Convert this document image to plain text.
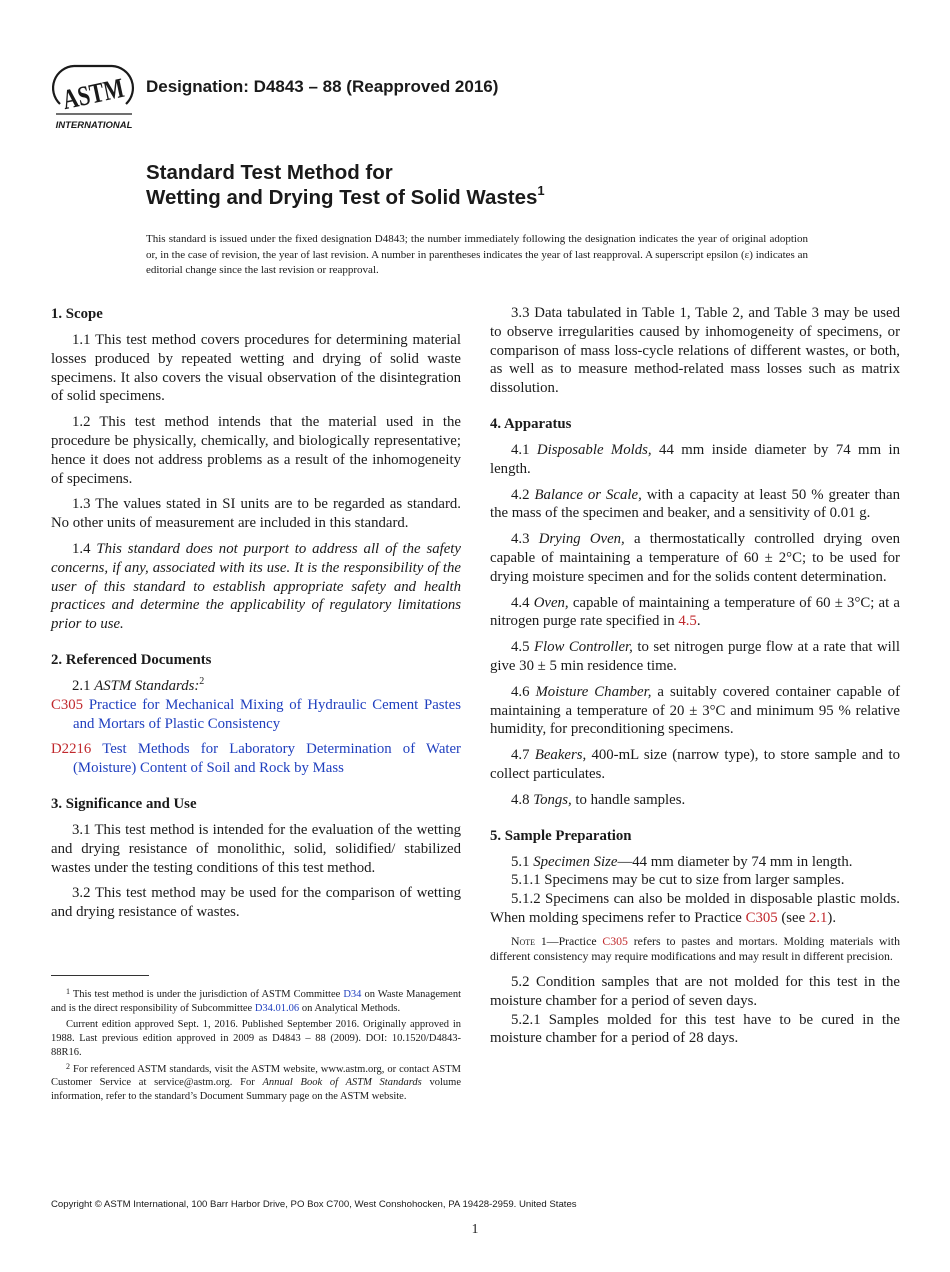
ASTM
INTERNATIONAL
Designation: D4843 – 88 (Reapproved 2016)
Standard Test Method for
Wetting and Drying Test of Solid Wastes$^1$
This standard is issued under the fixed designation D4843; the number immediately following the designation indicates the year of original adoption or, in the case of revision, the year of last revision. A number in parentheses indicates the year of last reapproval. A superscript epsilon (ε) indicates an editorial change since the last revision or reapproval.
1. Scope

1.1 This test method covers procedures for determining material losses produced by repeated wetting and drying of solid waste specimens. It also covers the visual observation of the disintegration of solid specimens.

1.2 This test method intends that the material used in the procedure be physically, chemically, and biologically representative; hence it does not address problems as a result of the inhomogeneity of specimens.

1.3 The values stated in SI units are to be regarded as standard. No other units of measurement are included in this standard.

1.4 This standard does not purport to address all of the safety concerns, if any, associated with its use. It is the responsibility of the user of this standard to establish appropriate safety and health practices and determine the applicability of regulatory limitations prior to use.

2. Referenced Documents

2.1 ASTM Standards:$^2$

C305 Practice for Mechanical Mixing of Hydraulic Cement Pastes and Mortars of Plastic Consistency

D2216 Test Methods for Laboratory Determination of Water (Moisture) Content of Soil and Rock by Mass

3. Significance and Use

3.1 This test method is intended for the evaluation of the wetting and drying resistance of monolithic, solid, solidified/ stabilized wastes under the testing conditions of this test method.

3.2 This test method may be used for the comparison of wetting and drying resistance of wastes.

3.3 Data tabulated in Table 1, Table 2, and Table 3 may be used to observe irregularities caused by inhomogeneity of specimens, or comparison of mass loss-cycle relations of different wastes, or both, as well as to measure method-related mass losses such as matrix dissolution.

4. Apparatus

4.1 Disposable Molds, 44 mm inside diameter by 74 mm in length.

4.2 Balance or Scale, with a capacity at least 50 % greater than the mass of the specimen and beaker, and a sensitivity of 0.01 g.

4.3 Drying Oven, a thermostatically controlled drying oven capable of maintaining a temperature of 60 ± 2°C; to be used for drying moisture specimen and for the solids content determination.

4.4 Oven, capable of maintaining a temperature of 60 ± 3°C; at a nitrogen purge rate specified in 4.5.

4.5 Flow Controller, to set nitrogen purge flow at a rate that will give 30 ± 5 min residence time.

4.6 Moisture Chamber, a suitably covered container capable of maintaining a temperature of 20 ± 3°C and minimum 95 % relative humidity, for preconditioning specimens.

4.7 Beakers, 400-mL size (narrow type), to store sample and to collect particulates.

4.8 Tongs, to handle samples.

5. Sample Preparation

5.1 Specimen Size—44 mm diameter by 74 mm in length.

5.1.1 Specimens may be cut to size from larger samples.

5.1.2 Specimens can also be molded in disposable plastic molds. When molding specimens refer to Practice C305 (see 2.1).

Note 1—Practice C305 refers to pastes and mortars. Molding materials with different consistency may require modifications and may result in different precision.

5.2 Condition samples that are not molded for this test in the moisture chamber for a period of seven days.

5.2.1 Samples molded for this test have to be cured in the moisture chamber for a period of 28 days.

$^1$ This test method is under the jurisdiction of ASTM Committee D34 on Waste Management and is the direct responsibility of Subcommittee D34.01.06 on Analytical Methods.

Current edition approved Sept. 1, 2016. Published September 2016. Originally approved in 1988. Last previous edition approved in 2009 as D4843 – 88 (2009). DOI: 10.1520/D4843-88R16.

$^2$ For referenced ASTM standards, visit the ASTM website, www.astm.org, or contact ASTM Customer Service at service@astm.org. For Annual Book of ASTM Standards volume information, refer to the standard’s Document Summary page on the ASTM website.

Copyright © ASTM International, 100 Barr Harbor Drive, PO Box C700, West Conshohocken, PA 19428-2959. United States
1
